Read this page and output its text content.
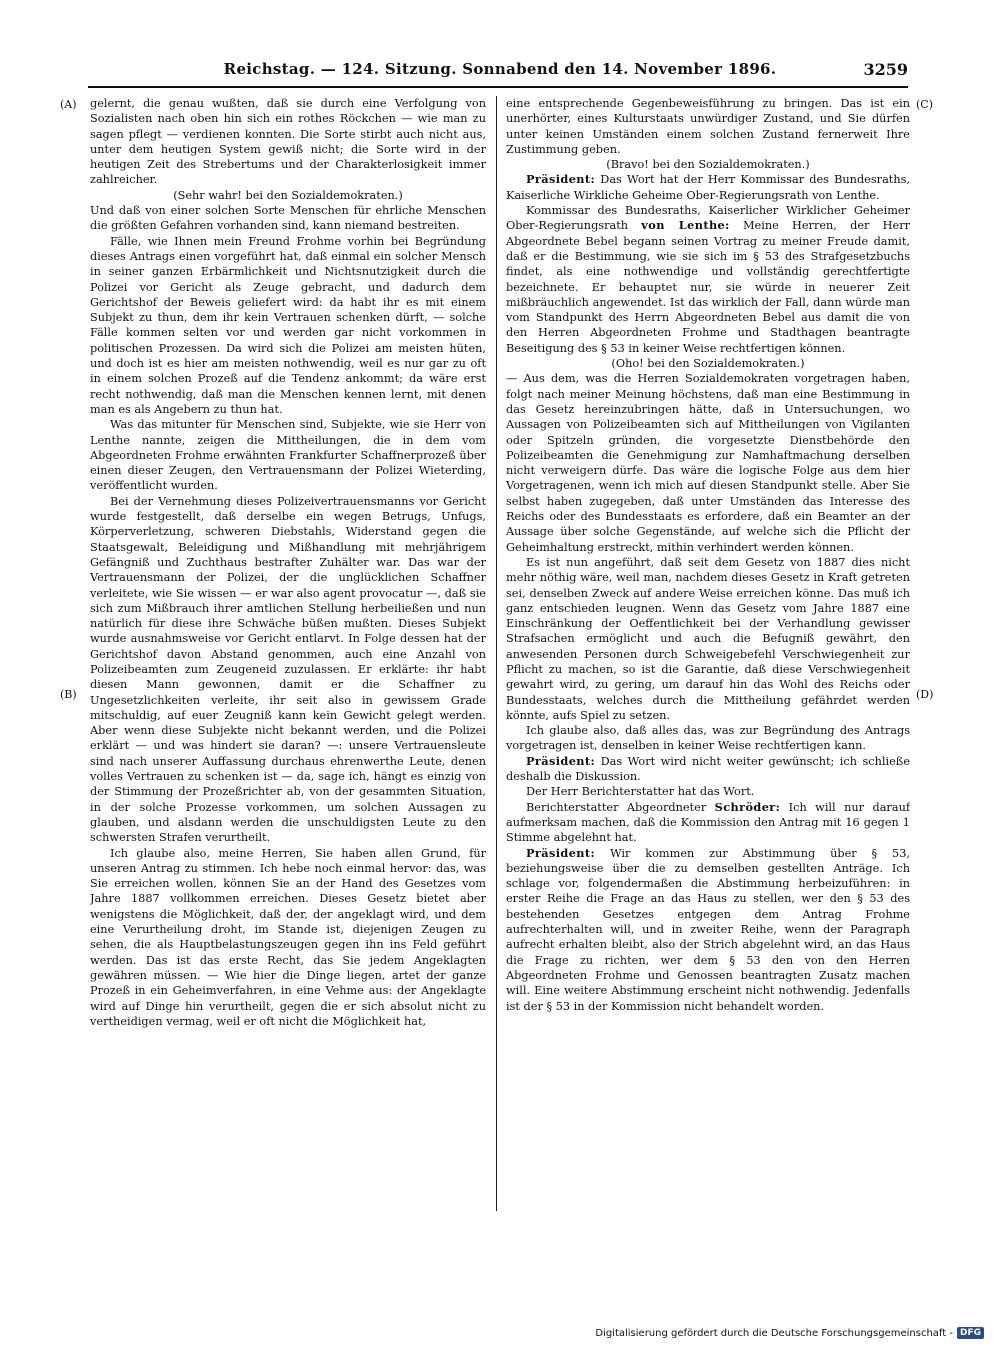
Reichstag. — 124. Sitzung. Sonnabend den 14. November 1896.	3259
(A)
(B)
(C)
(D)

gelernt, die genau wußten, daß sie durch eine Verfolgung von Sozialisten nach oben hin sich ein rothes Röckchen — wie man zu sagen pflegt — verdienen konnten. Die Sorte stirbt auch nicht aus, unter dem heutigen System gewiß nicht; die Sorte wird in der heutigen Zeit des Strebertums und der Charakterlosigkeit immer zahlreicher.

(Sehr wahr! bei den Sozialdemokraten.)

Und daß von einer solchen Sorte Menschen für ehrliche Menschen die größten Gefahren vorhanden sind, kann niemand bestreiten.

Fälle, wie Ihnen mein Freund Frohme vorhin bei Begründung dieses Antrags einen vorgeführt hat, daß einmal ein solcher Mensch in seiner ganzen Erbärmlichkeit und Nichtsnutzigkeit durch die Polizei vor Gericht als Zeuge gebracht, und dadurch dem Gerichtshof der Beweis geliefert wird: da habt ihr es mit einem Subjekt zu thun, dem ihr kein Vertrauen schenken dürft, — solche Fälle kommen selten vor und werden gar nicht vorkommen in politischen Prozessen. Da wird sich die Polizei am meisten hüten, und doch ist es hier am meisten nothwendig, weil es nur gar zu oft in einem solchen Prozeß auf die Tendenz ankommt; da wäre erst recht nothwendig, daß man die Menschen kennen lernt, mit denen man es als Angebern zu thun hat.

Was das mitunter für Menschen sind, Subjekte, wie sie Herr von Lenthe nannte, zeigen die Mittheilungen, die in dem vom Abgeordneten Frohme erwähnten Frankfurter Schaffnerprozeß über einen dieser Zeugen, den Vertrauensmann der Polizei Wieterding, veröffentlicht wurden.

Bei der Vernehmung dieses Polizeivertrauensmanns vor Gericht wurde festgestellt, daß derselbe ein wegen Betrugs, Unfugs, Körperverletzung, schweren Diebstahls, Widerstand gegen die Staatsgewalt, Beleidigung und Mißhandlung mit mehrjährigem Gefängniß und Zuchthaus bestrafter Zuhälter war. Das war der Vertrauensmann der Polizei, der die unglücklichen Schaffner verleitete, wie Sie wissen — er war also agent provocatur —, daß sie sich zum Mißbrauch ihrer amtlichen Stellung herbeiließen und nun natürlich für diese ihre Schwäche büßen mußten. Dieses Subjekt wurde ausnahmsweise vor Gericht entlarvt. In Folge dessen hat der Gerichtshof davon Abstand genommen, auch eine Anzahl von Polizeibeamten zum Zeugeneid zuzulassen. Er erklärte: ihr habt diesen Mann gewonnen, damit er die Schaffner zu Ungesetzlichkeiten verleite, ihr seit also in gewissem Grade mitschuldig, auf euer Zeugniß kann kein Gewicht gelegt werden. Aber wenn diese Subjekte nicht bekannt werden, und die Polizei erklärt — und was hindert sie daran? —: unsere Vertrauensleute sind nach unserer Auffassung durchaus ehrenwerthe Leute, denen volles Vertrauen zu schenken ist — da, sage ich, hängt es einzig von der Stimmung der Prozeßrichter ab, von der gesammten Situation, in der solche Prozesse vorkommen, um solchen Aussagen zu glauben, und alsdann werden die unschuldigsten Leute zu den schwersten Strafen verurtheilt.

Ich glaube also, meine Herren, Sie haben allen Grund, für unseren Antrag zu stimmen. Ich hebe noch einmal hervor: das, was Sie erreichen wollen, können Sie an der Hand des Gesetzes vom Jahre 1887 vollkommen erreichen. Dieses Gesetz bietet aber wenigstens die Möglichkeit, daß der, der angeklagt wird, und dem eine Verurtheilung droht, im Stande ist, diejenigen Zeugen zu sehen, die als Hauptbelastungszeugen gegen ihn ins Feld geführt werden. Das ist das erste Recht, das Sie jedem Angeklagten gewähren müssen. — Wie hier die Dinge liegen, artet der ganze Prozeß in ein Geheimverfahren, in eine Vehme aus: der Angeklagte wird auf Dinge hin verurtheilt, gegen die er sich absolut nicht zu vertheidigen vermag, weil er oft nicht die Möglichkeit hat,

eine entsprechende Gegenbeweisführung zu bringen. Das ist ein unerhörter, eines Kulturstaats unwürdiger Zustand, und Sie dürfen unter keinen Umständen einem solchen Zustand fernerweit Ihre Zustimmung geben.

(Bravo! bei den Sozialdemokraten.)

Präsident: Das Wort hat der Herr Kommissar des Bundesraths, Kaiserliche Wirkliche Geheime Ober-Regierungsrath von Lenthe.

Kommissar des Bundesraths, Kaiserlicher Wirklicher Geheimer Ober-Regierungsrath von Lenthe: Meine Herren, der Herr Abgeordnete Bebel begann seinen Vortrag zu meiner Freude damit, daß er die Bestimmung, wie sie sich im § 53 des Strafgesetzbuchs findet, als eine nothwendige und vollständig gerechtfertigte bezeichnete. Er behauptet nur, sie würde in neuerer Zeit mißbräuchlich angewendet. Ist das wirklich der Fall, dann würde man vom Standpunkt des Herrn Abgeordneten Bebel aus damit die von den Herren Abgeordneten Frohme und Stadthagen beantragte Beseitigung des § 53 in keiner Weise rechtfertigen können.

(Oho! bei den Sozialdemokraten.)

— Aus dem, was die Herren Sozialdemokraten vorgetragen haben, folgt nach meiner Meinung höchstens, daß man eine Bestimmung in das Gesetz hereinzubringen hätte, daß in Untersuchungen, wo Aussagen von Polizeibeamten sich auf Mittheilungen von Vigilanten oder Spitzeln gründen, die vorgesetzte Dienstbehörde den Polizeibeamten die Genehmigung zur Namhaftmachung derselben nicht verweigern dürfe. Das wäre die logische Folge aus dem hier Vorgetragenen, wenn ich mich auf diesen Standpunkt stelle. Aber Sie selbst haben zugegeben, daß unter Umständen das Interesse des Reichs oder des Bundesstaats es erfordere, daß ein Beamter an der Aussage über solche Gegenstände, auf welche sich die Pflicht der Geheimhaltung erstreckt, mithin verhindert werden können.

Es ist nun angeführt, daß seit dem Gesetz von 1887 dies nicht mehr nöthig wäre, weil man, nachdem dieses Gesetz in Kraft getreten sei, denselben Zweck auf andere Weise erreichen könne. Das muß ich ganz entschieden leugnen. Wenn das Gesetz vom Jahre 1887 eine Einschränkung der Oeffentlichkeit bei der Verhandlung gewisser Strafsachen ermöglicht und auch die Befugniß gewährt, den anwesenden Personen durch Schweigebefehl Verschwiegenheit zur Pflicht zu machen, so ist die Garantie, daß diese Verschwiegenheit gewahrt wird, zu gering, um darauf hin das Wohl des Reichs oder Bundesstaats, welches durch die Mittheilung gefährdet werden könnte, aufs Spiel zu setzen.

Ich glaube also, daß alles das, was zur Begründung des Antrags vorgetragen ist, denselben in keiner Weise rechtfertigen kann.

Präsident: Das Wort wird nicht weiter gewünscht; ich schließe deshalb die Diskussion.

Der Herr Berichterstatter hat das Wort.

Berichterstatter Abgeordneter Schröder: Ich will nur darauf aufmerksam machen, daß die Kommission den Antrag mit 16 gegen 1 Stimme abgelehnt hat.

Präsident: Wir kommen zur Abstimmung über § 53, beziehungsweise über die zu demselben gestellten Anträge. Ich schlage vor, folgendermaßen die Abstimmung herbeizuführen: in erster Reihe die Frage an das Haus zu stellen, wer den § 53 des bestehenden Gesetzes entgegen dem Antrag Frohme aufrechterhalten will, und in zweiter Reihe, wenn der Paragraph aufrecht erhalten bleibt, also der Strich abgelehnt wird, an das Haus die Frage zu richten, wer dem § 53 den von den Herren Abgeordneten Frohme und Genossen beantragten Zusatz machen will. Eine weitere Abstimmung erscheint nicht nothwendig. Jedenfalls ist der § 53 in der Kommission nicht behandelt worden.

Digitalisierung gefördert durch die Deutsche Forschungsgemeinschaft - DFG
